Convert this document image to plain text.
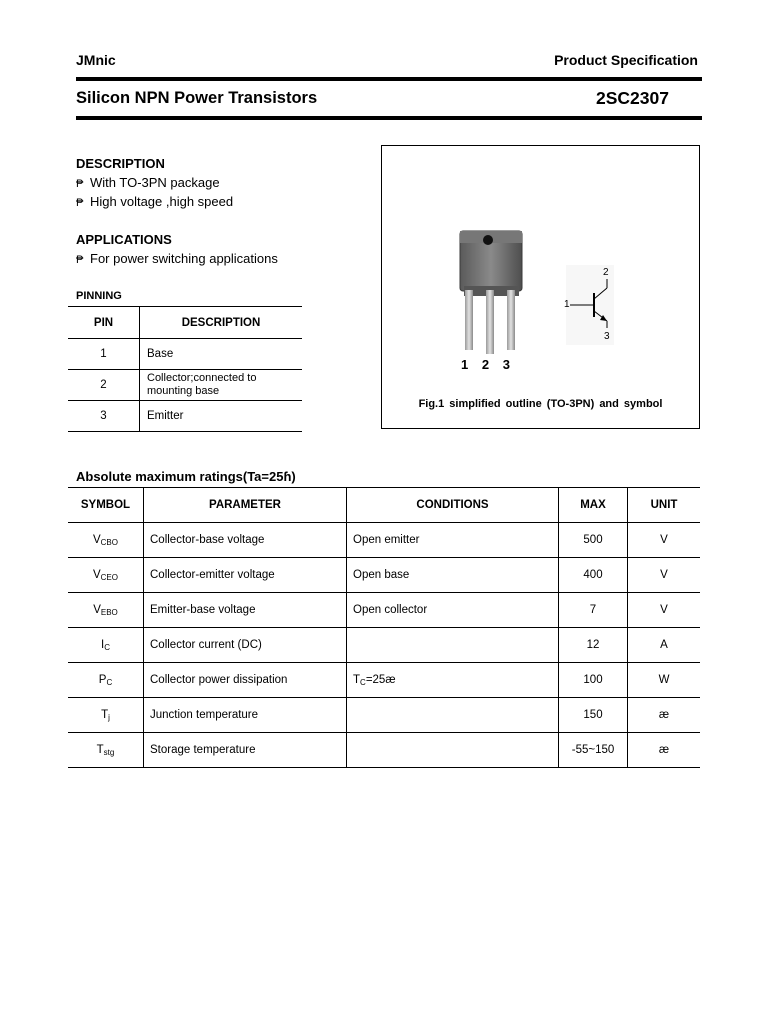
JMnic	Product Specification
Silicon NPN Power Transistors	2SC2307
DESCRIPTION
₱ With TO-3PN package
₱ High voltage ,high speed
APPLICATIONS
₱ For power switching applications
PINNING
PIN	DESCRIPTION
1	Base
2	Collector;connected to mounting base
3	Emitter
1 2 3
2
1
3
Fig.1 simplified outline (TO-3PN) and symbol
Absolute maximum ratings(Ta=25ɦ)
SYMBOL	PARAMETER	CONDITIONS	MAX	UNIT
$V_{CBO}$	Collector-base voltage	Open emitter	500	V
$V_{CEO}$	Collector-emitter voltage	Open base	400	V
$V_{EBO}$	Emitter-base voltage	Open collector	7	V
$I_C$	Collector current (DC)		12	A
$P_C$	Collector power dissipation	$T_C=25æ$	100	W
$T_j$	Junction temperature		150	æ
$T_{stg}$	Storage temperature		-55~150	æ
